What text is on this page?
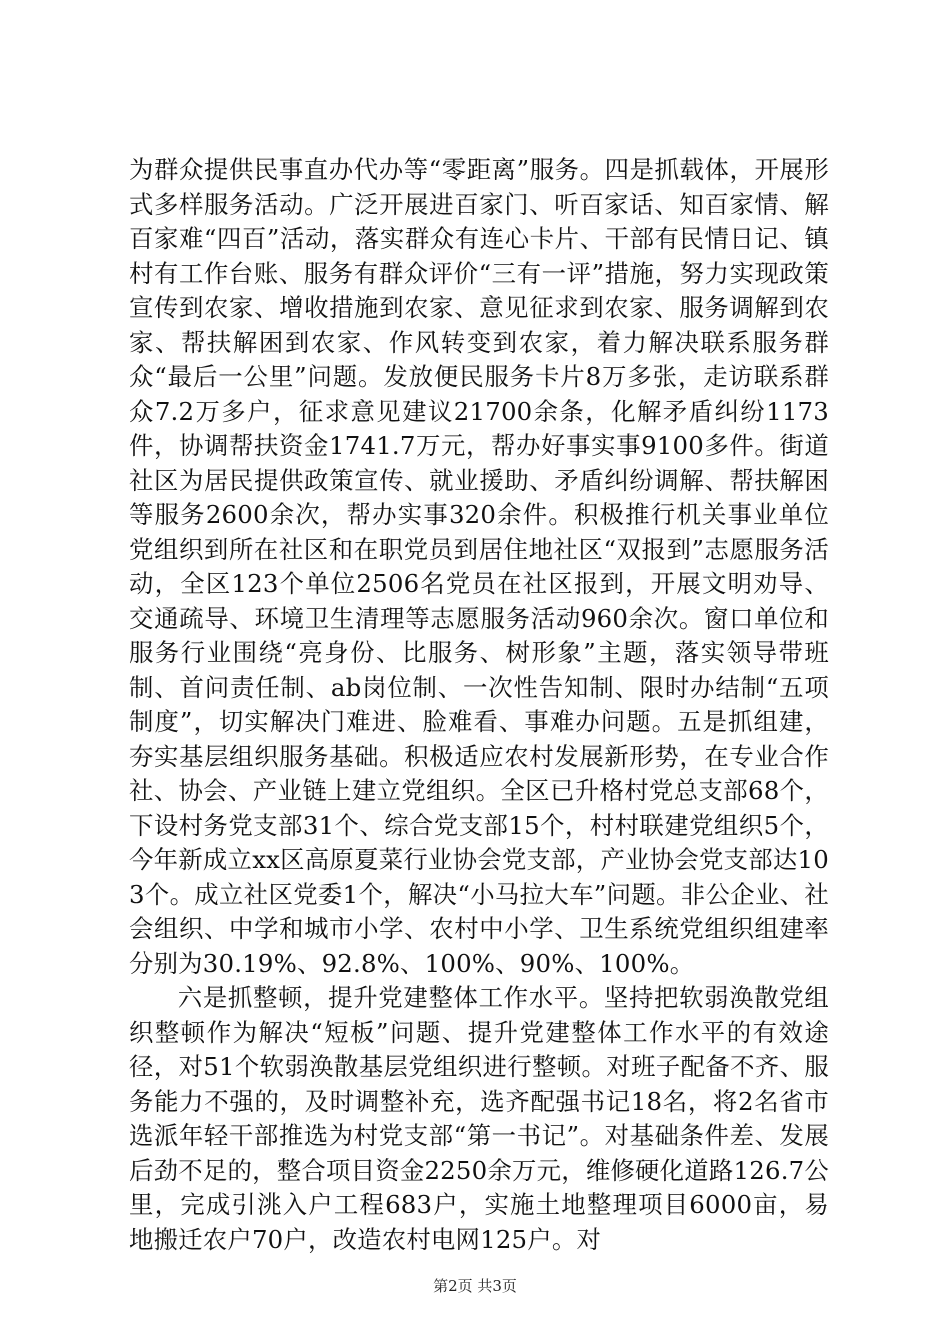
为群众提供民事直办代办等“零距离”服务。四是抓载体，开展形式多样服务活动。广泛开展进百家门、听百家话、知百家情、解百家难“四百”活动，落实群众有连心卡片、干部有民情日记、镇村有工作台账、服务有群众评价“三有一评”措施，努力实现政策宣传到农家、增收措施到农家、意见征求到农家、服务调解到农家、帮扶解困到农家、作风转变到农家，着力解决联系服务群众“最后一公里”问题。发放便民服务卡片8万多张，走访联系群众7.2万多户，征求意见建议21700余条，化解矛盾纠纷1173件，协调帮扶资金1741.7万元，帮办好事实事9100多件。街道社区为居民提供政策宣传、就业援助、矛盾纠纷调解、帮扶解困等服务2600余次，帮办实事320余件。积极推行机关事业单位党组织到所在社区和在职党员到居住地社区“双报到”志愿服务活动，全区123个单位2506名党员在社区报到，开展文明劝导、交通疏导、环境卫生清理等志愿服务活动960余次。窗口单位和服务行业围绕“亮身份、比服务、树形象”主题，落实领导带班制、首问责任制、ab岗位制、一次性告知制、限时办结制“五项制度”，切实解决门难进、脸难看、事难办问题。五是抓组建，夯实基层组织服务基础。积极适应农村发展新形势，在专业合作社、协会、产业链上建立党组织。全区已升格村党总支部68个，下设村务党支部31个、综合党支部15个，村村联建党组织5个，今年新成立xx区高原夏菜行业协会党支部，产业协会党支部达103个。成立社区党委1个，解决“小马拉大车”问题。非公企业、社会组织、中学和城市小学、农村中小学、卫生系统党组织组建率分别为30.19%、92.8%、100%、90%、100%。

六是抓整顿，提升党建整体工作水平。坚持把软弱涣散党组织整顿作为解决“短板”问题、提升党建整体工作水平的有效途径，对51个软弱涣散基层党组织进行整顿。对班子配备不齐、服务能力不强的，及时调整补充，选齐配强书记18名，将2名省市选派年轻干部推选为村党支部“第一书记”。对基础条件差、发展后劲不足的，整合项目资金2250余万元，维修硬化道路126.7公里，完成引洮入户工程683户，实施土地整理项目6000亩，易地搬迁农户70户，改造农村电网125户。对

第2页 共3页
